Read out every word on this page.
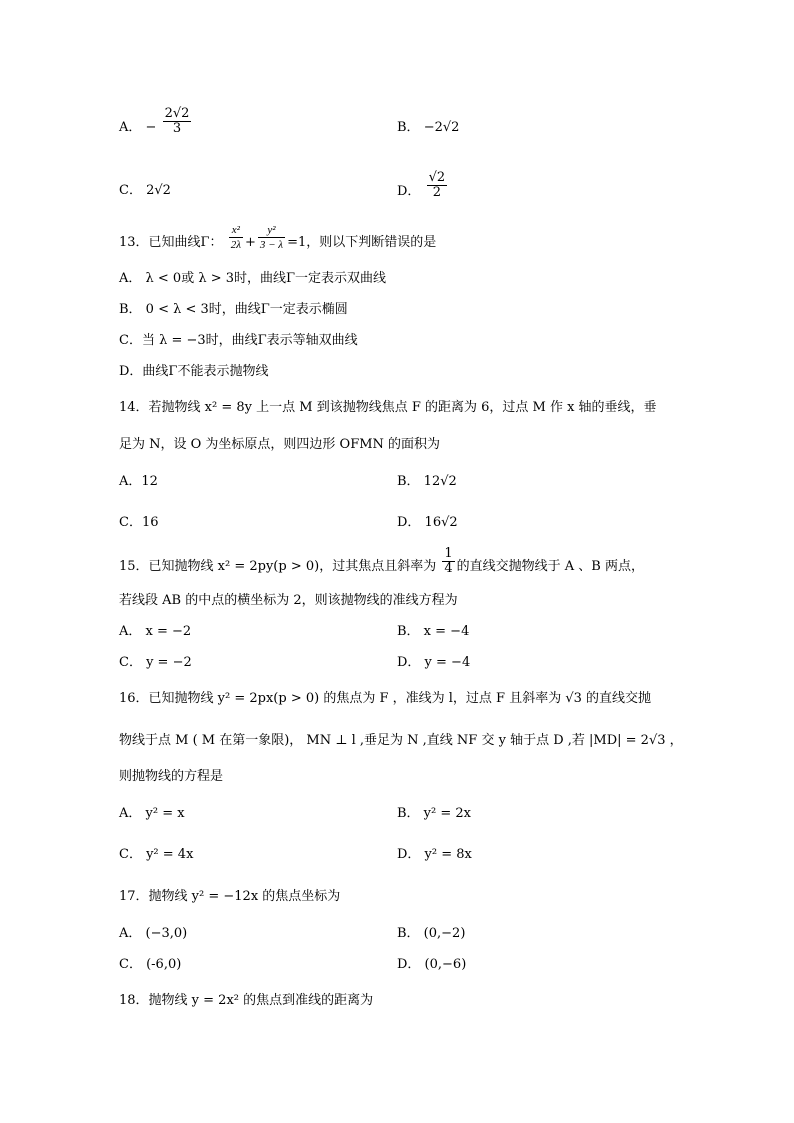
A． − $\frac{2√2}{3}$	B． −2√2
C． 2√2	D． $\frac{√2}{2}$
13．已知曲线Γ： $\frac{\text{x²}}{2\lambda} + \frac{\text{y²}}{3 - \lambda} =1$，则以下判断错误的是
A． λ < 0或 λ > 3时，曲线Γ一定表示双曲线
B． 0 < λ < 3时，曲线Γ一定表示椭圆
C．当 λ = −3时，曲线Γ表示等轴双曲线
D．曲线Γ不能表示抛物线
14．若抛物线 x² = 8y 上一点 M 到该抛物线焦点 F 的距离为 6，过点 M 作 x 轴的垂线，垂
足为 N，设 O 为坐标原点，则四边形 OFMN 的面积为
A．12	B． 12√2
C．16	D． 16√2
15．已知抛物线 x² = 2py(p > 0)，过其焦点且斜率为 $\frac{1}{4}$ 的直线交抛物线于 A 、B 两点，
若线段 AB 的中点的横坐标为 2，则该抛物线的准线方程为
A． x = −2	B． x = −4
C． y = −2	D． y = −4
16．已知抛物线 y² = 2px(p > 0) 的焦点为 F ，准线为 l，过点 F 且斜率为 √3 的直线交抛
物线于点 M ( M 在第一象限)， MN ⊥ l ,垂足为 N ,直线 NF 交 y 轴于点 D ,若 |MD| = 2√3 ，
则抛物线的方程是
A． y² = x	B． y² = 2x
C． y² = 4x	D． y² = 8x
17．抛物线 y² = −12x 的焦点坐标为
A． (−3,0)	B． (0,−2)
C． (-6,0)	D． (0,−6)
18．抛物线 y = 2x² 的焦点到准线的距离为
